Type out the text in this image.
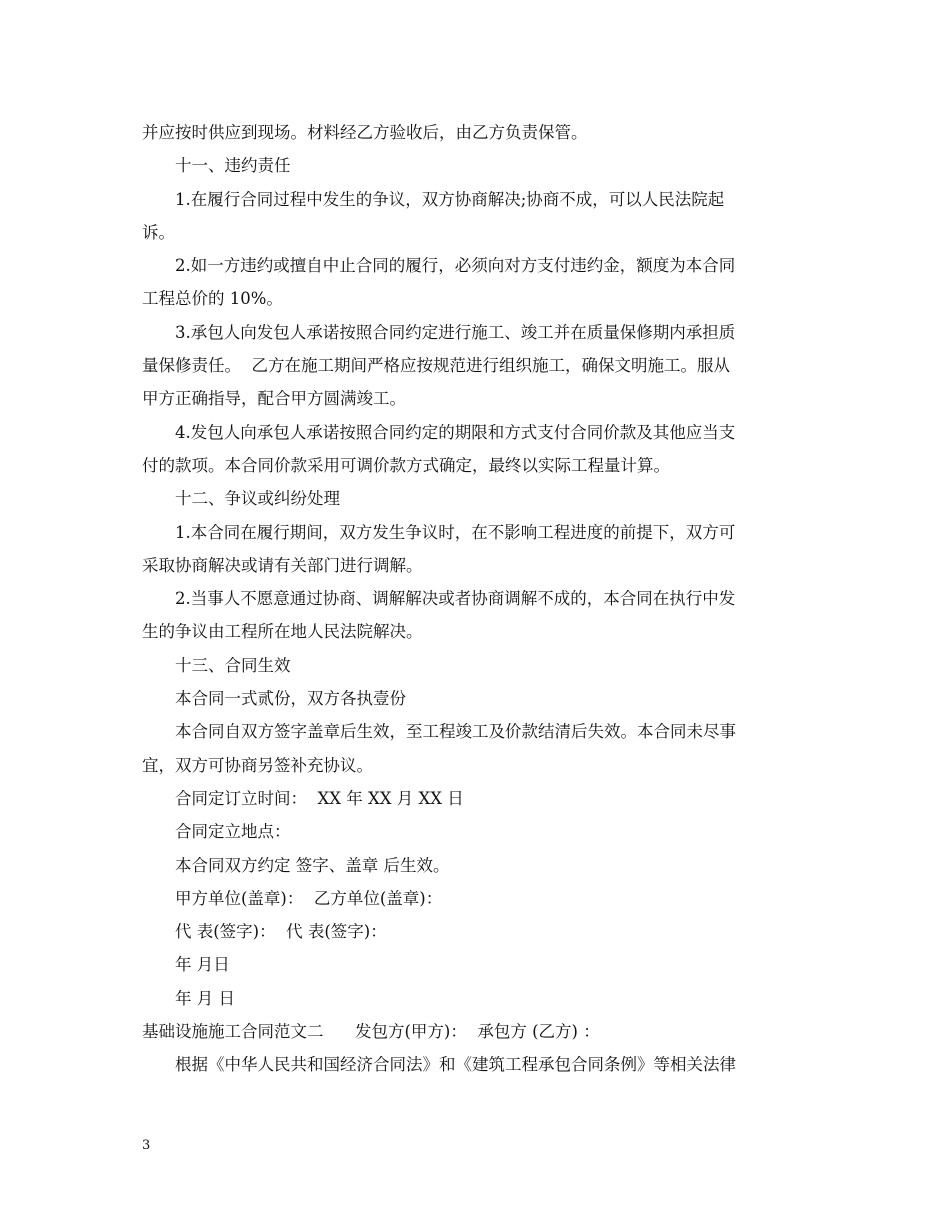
并应按时供应到现场。材料经乙方验收后，由乙方负责保管。
十一、违约责任
1.在履行合同过程中发生的争议，双方协商解决;协商不成，可以人民法院起
诉。
2.如一方违约或擅自中止合同的履行，必须向对方支付违约金，额度为本合同
工程总价的 10%。
3.承包人向发包人承诺按照合同约定进行施工、竣工并在质量保修期内承担质
量保修责任。  乙方在施工期间严格应按规范进行组织施工，确保文明施工。服从
甲方正确指导，配合甲方圆满竣工。
4.发包人向承包人承诺按照合同约定的期限和方式支付合同价款及其他应当支
付的款项。本合同价款采用可调价款方式确定，最终以实际工程量计算。
十二、争议或纠纷处理
1.本合同在履行期间，双方发生争议时，在不影响工程进度的前提下，双方可
采取协商解决或请有关部门进行调解。
2.当事人不愿意通过协商、调解解决或者协商调解不成的，本合同在执行中发
生的争议由工程所在地人民法院解决。
十三、合同生效
本合同一式贰份，双方各执壹份
本合同自双方签字盖章后生效，至工程竣工及价款结清后失效。本合同未尽事
宜，双方可协商另签补充协议。
合同定订立时间：  XX 年 XX 月 XX 日
合同定立地点：
本合同双方约定 签字、盖章 后生效。
甲方单位(盖章)：  乙方单位(盖章)：
代 表(签字)：  代 表(签字)：
年 月日
年 月 日
基础设施施工合同范文二      发包方(甲方)：  承包方 (乙方) ：
根据《中华人民共和国经济合同法》和《建筑工程承包合同条例》等相关法律
3
